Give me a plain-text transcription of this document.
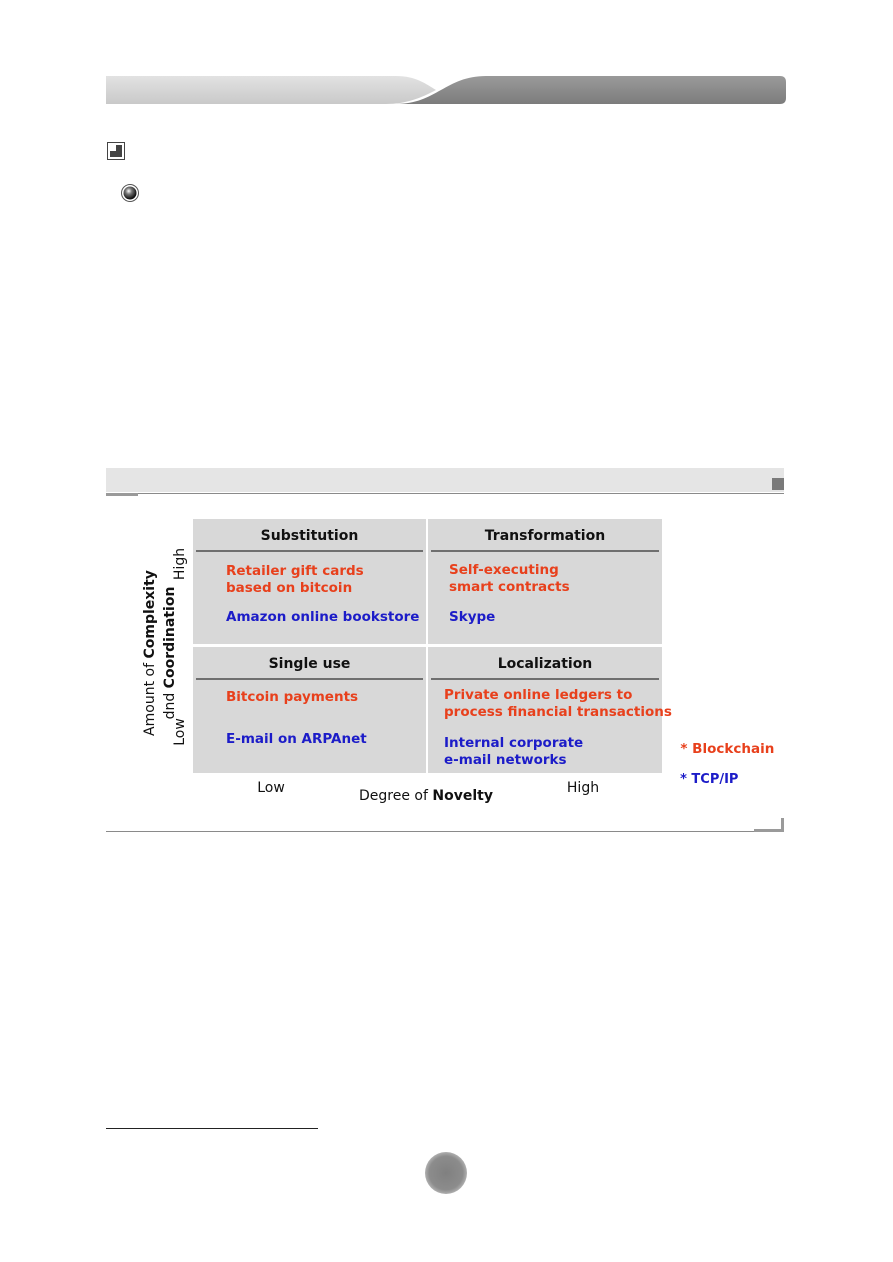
Substitution
Retailer gift cards
based on bitcoin
Amazon online bookstore
Transformation
Self-executing
smart contracts
Skype
Single use
Bitcoin payments
E-mail on ARPAnet
Localization
Private online ledgers to
process financial transactions
Internal corporate
e-mail networks
Amount of Complexity
dnd Coordination
High
Low
Low	High
Degree of Novelty

* Blockchain

* TCP/IP
